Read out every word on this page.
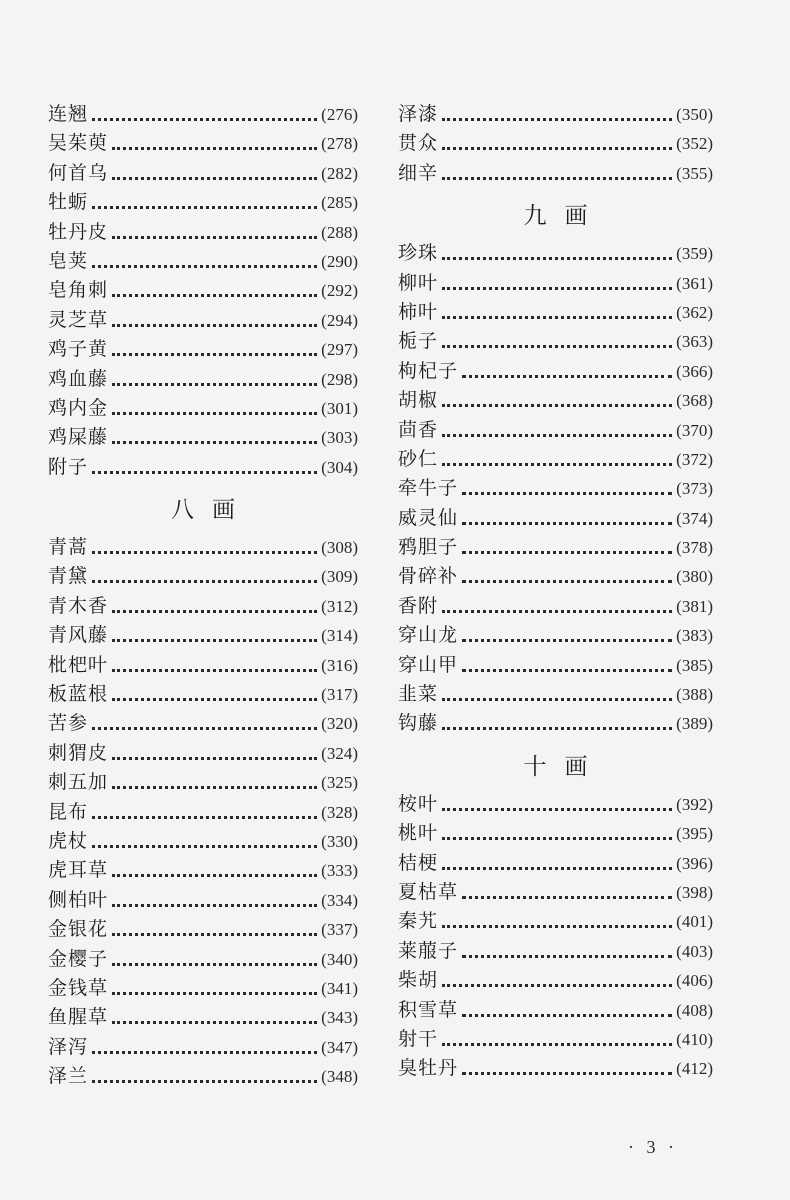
连翘	(276)
吴茱萸	(278)
何首乌	(282)
牡蛎	(285)
牡丹皮	(288)
皂荚	(290)
皂角刺	(292)
灵芝草	(294)
鸡子黄	(297)
鸡血藤	(298)
鸡内金	(301)
鸡屎藤	(303)
附子	(304)
八画
青蒿	(308)
青黛	(309)
青木香	(312)
青风藤	(314)
枇杷叶	(316)
板蓝根	(317)
苦参	(320)
刺猬皮	(324)
刺五加	(325)
昆布	(328)
虎杖	(330)
虎耳草	(333)
侧柏叶	(334)
金银花	(337)
金樱子	(340)
金钱草	(341)
鱼腥草	(343)
泽泻	(347)
泽兰	(348)
泽漆	(350)
贯众	(352)
细辛	(355)
九画
珍珠	(359)
柳叶	(361)
柿叶	(362)
栀子	(363)
枸杞子	(366)
胡椒	(368)
茴香	(370)
砂仁	(372)
牵牛子	(373)
威灵仙	(374)
鸦胆子	(378)
骨碎补	(380)
香附	(381)
穿山龙	(383)
穿山甲	(385)
韭菜	(388)
钩藤	(389)
十画
桉叶	(392)
桃叶	(395)
桔梗	(396)
夏枯草	(398)
秦艽	(401)
莱菔子	(403)
柴胡	(406)
积雪草	(408)
射干	(410)
臭牡丹	(412)
· 3 ·
